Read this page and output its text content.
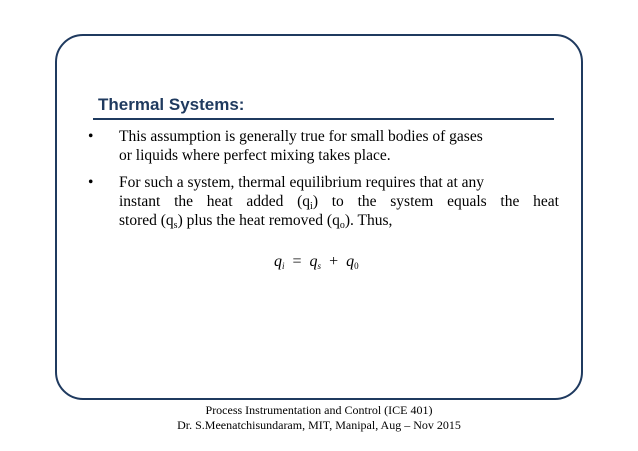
Thermal Systems:
• This assumption is generally true for small bodies of gases
or liquids where perfect mixing takes place.
• For such a system, thermal equilibrium requires that at any
instant the heat added $(q_i)$ to the system equals the heat
stored $(q_s)$ plus the heat removed $(q_o)$. Thus,
$q_i = q_s + q_0$
Process Instrumentation and Control (ICE 401)
Dr. S.Meenatchisundaram, MIT, Manipal, Aug – Nov 2015
